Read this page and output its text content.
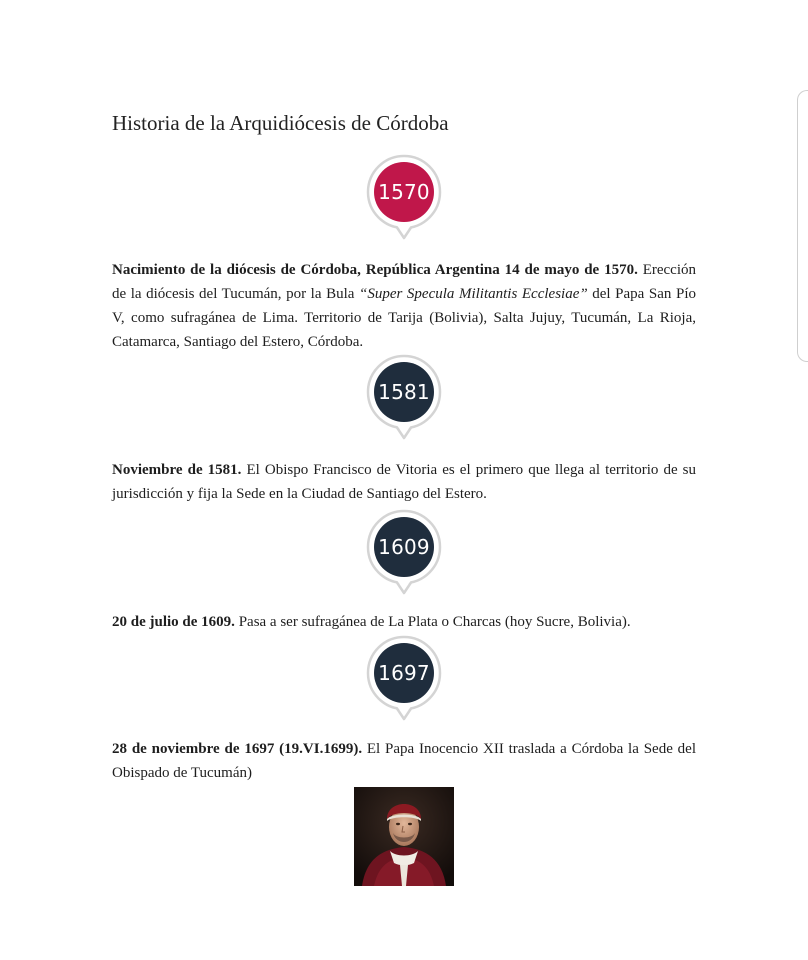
Historia de la Arquidiócesis de Córdoba
1570
Nacimiento de la diócesis de Córdoba, República Argentina 14 de mayo de 1570. Erección de la diócesis del Tucumán, por la Bula “Super Specula Militantis Ecclesiae” del Papa San Pío V, como sufragánea de Lima. Territorio de Tarija (Bolivia), Salta Jujuy, Tucumán, La Rioja, Catamarca, Santiago del Estero, Córdoba.
1581
Noviembre de 1581. El Obispo Francisco de Vitoria es el primero que llega al territorio de su jurisdicción y fija la Sede en la Ciudad de Santiago del Estero.
1609
20 de julio de 1609. Pasa a ser sufragánea de La Plata o Charcas (hoy Sucre, Bolivia).
1697
28 de noviembre de 1697 (19.VI.1699). El Papa Inocencio XII traslada a Córdoba la Sede del Obispado de Tucumán)
